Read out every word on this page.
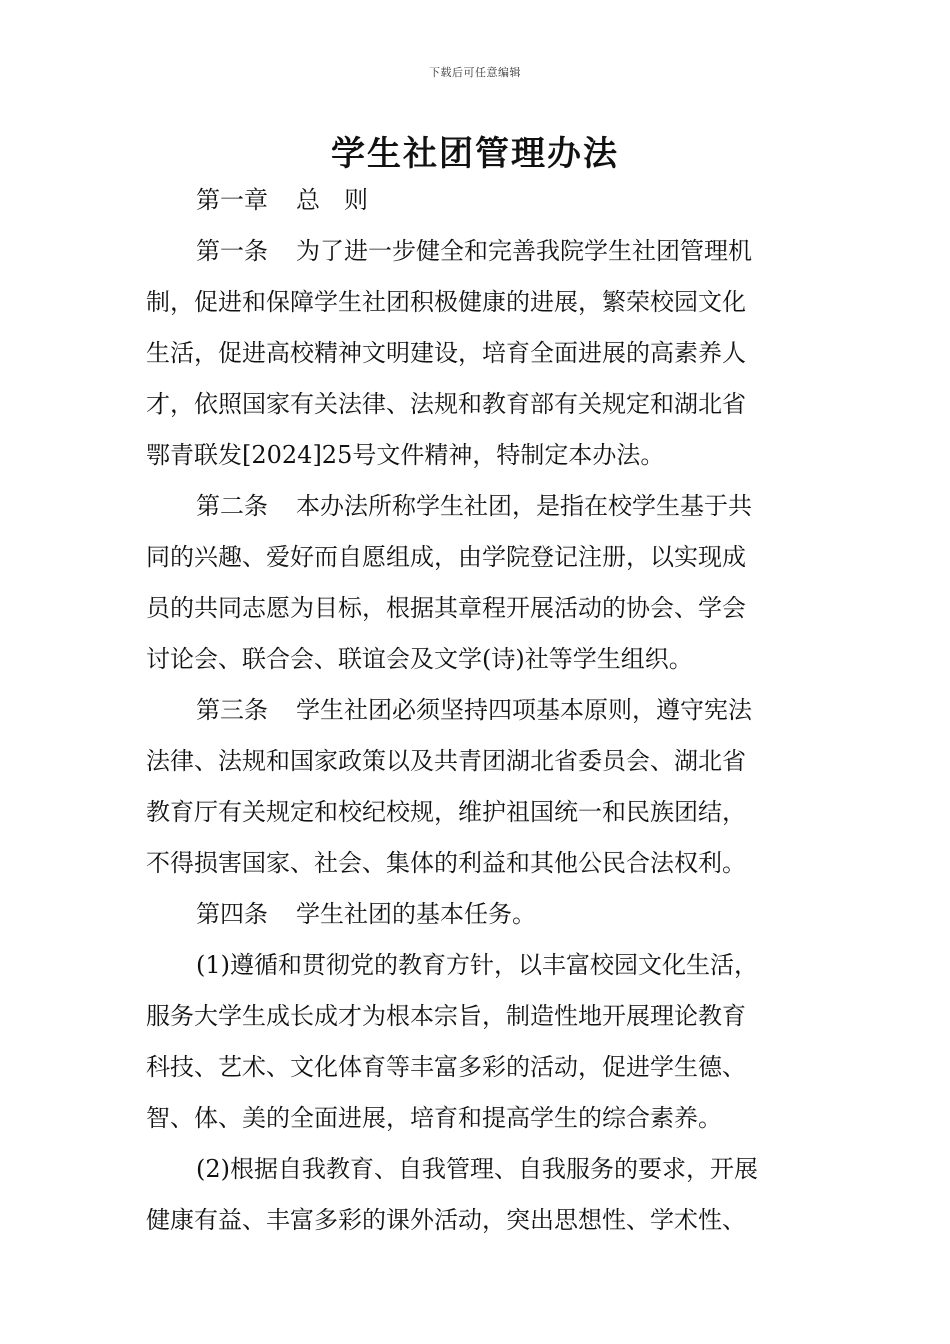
下载后可任意编辑
学生社团管理办法
第一章 总　则
第一条 为了进一步健全和完善我院学生社团管理机
制，促进和保障学生社团积极健康的进展，繁荣校园文化
生活，促进高校精神文明建设，培育全面进展的高素养人
才，依照国家有关法律、法规和教育部有关规定和湖北省
鄂青联发[2024]25号文件精神，特制定本办法。
第二条 本办法所称学生社团，是指在校学生基于共
同的兴趣、爱好而自愿组成，由学院登记注册，以实现成
员的共同志愿为目标，根据其章程开展活动的协会、学会
讨论会、联合会、联谊会及文学(诗)社等学生组织。
第三条 学生社团必须坚持四项基本原则，遵守宪法
法律、法规和国家政策以及共青团湖北省委员会、湖北省
教育厅有关规定和校纪校规，维护祖国统一和民族团结，
不得损害国家、社会、集体的利益和其他公民合法权利。
第四条 学生社团的基本任务。
(1)遵循和贯彻党的教育方针，以丰富校园文化生活，
服务大学生成长成才为根本宗旨，制造性地开展理论教育
科技、艺术、文化体育等丰富多彩的活动，促进学生德、
智、体、美的全面进展，培育和提高学生的综合素养。
(2)根据自我教育、自我管理、自我服务的要求，开展
健康有益、丰富多彩的课外活动，突出思想性、学术性、
